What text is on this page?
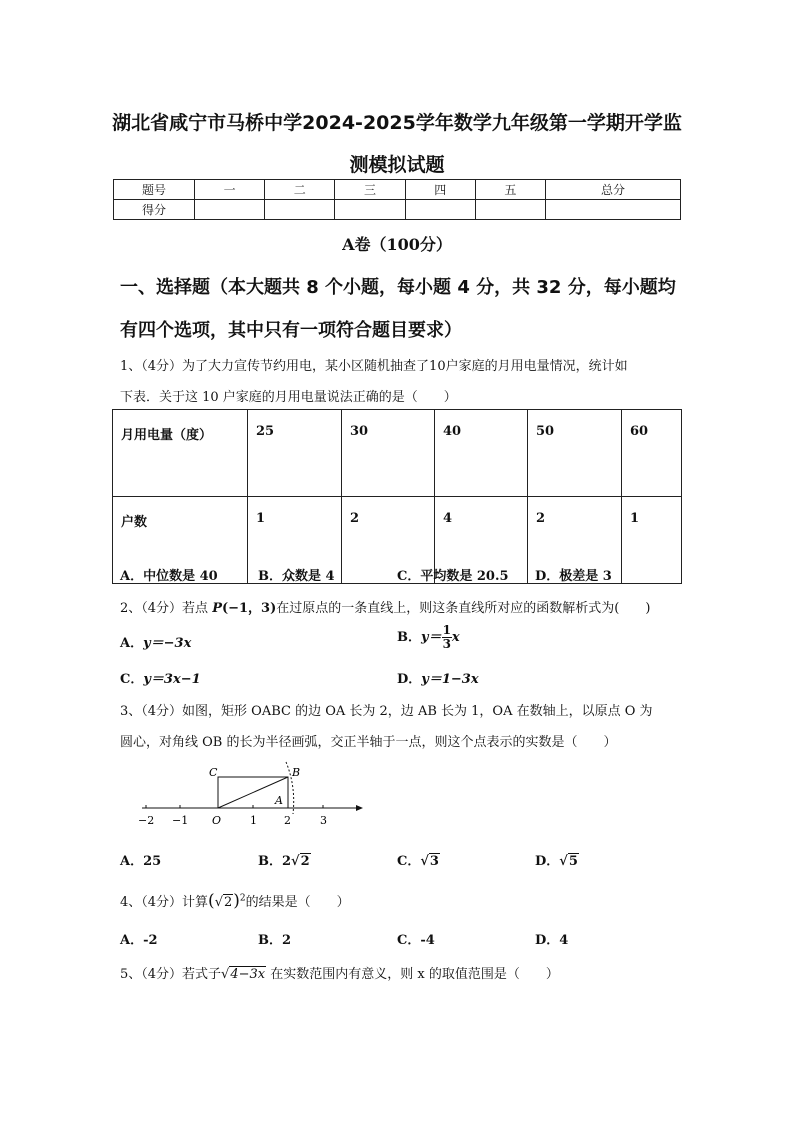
湖北省咸宁市马桥中学2024-2025学年数学九年级第一学期开学监
测模拟试题
题号	一	二	三	四	五	总分
得分						
A卷（100分）
一、选择题（本大题共 8 个小题，每小题 4 分，共 32 分，每小题均
有四个选项，其中只有一项符合题目要求）
1、（4分）为了大力宣传节约用电，某小区随机抽查了10户家庭的月用电量情况，统计如
下表．关于这 10 户家庭的月用电量说法正确的是（　　）
月用电量（度）	25	30	40	50	60
户数	1	2	4	2	1
A．中位数是 40	B．众数是 4	C．平均数是 20.5 D．极差是 3
2、（4分）若点 P(−1，3)在过原点的一条直线上，则这条直线所对应的函数解析式为(　　)
A．y＝−3x	B．$y= \frac{1}{3}$ x
C．y＝3x−1	D．y＝1−3x
3、（4分）如图，矩形 OABC 的边 OA 长为 2，边 AB 长为 1，OA 在数轴上，以原点 O 为
圆心，对角线 OB 的长为半径画弧，交正半轴于一点，则这个点表示的实数是（　　）
−2 −1 O	1 2	3
C	B
A
A．25	B．2√2	C．√3	D．√5
4、（4分）计算$(√2)^2$的结果是（　　）
A．-2	B．2	C．-4	D．4
5、（4分）若式子√4−3x 在实数范围内有意义，则 x 的取值范围是（　　）
